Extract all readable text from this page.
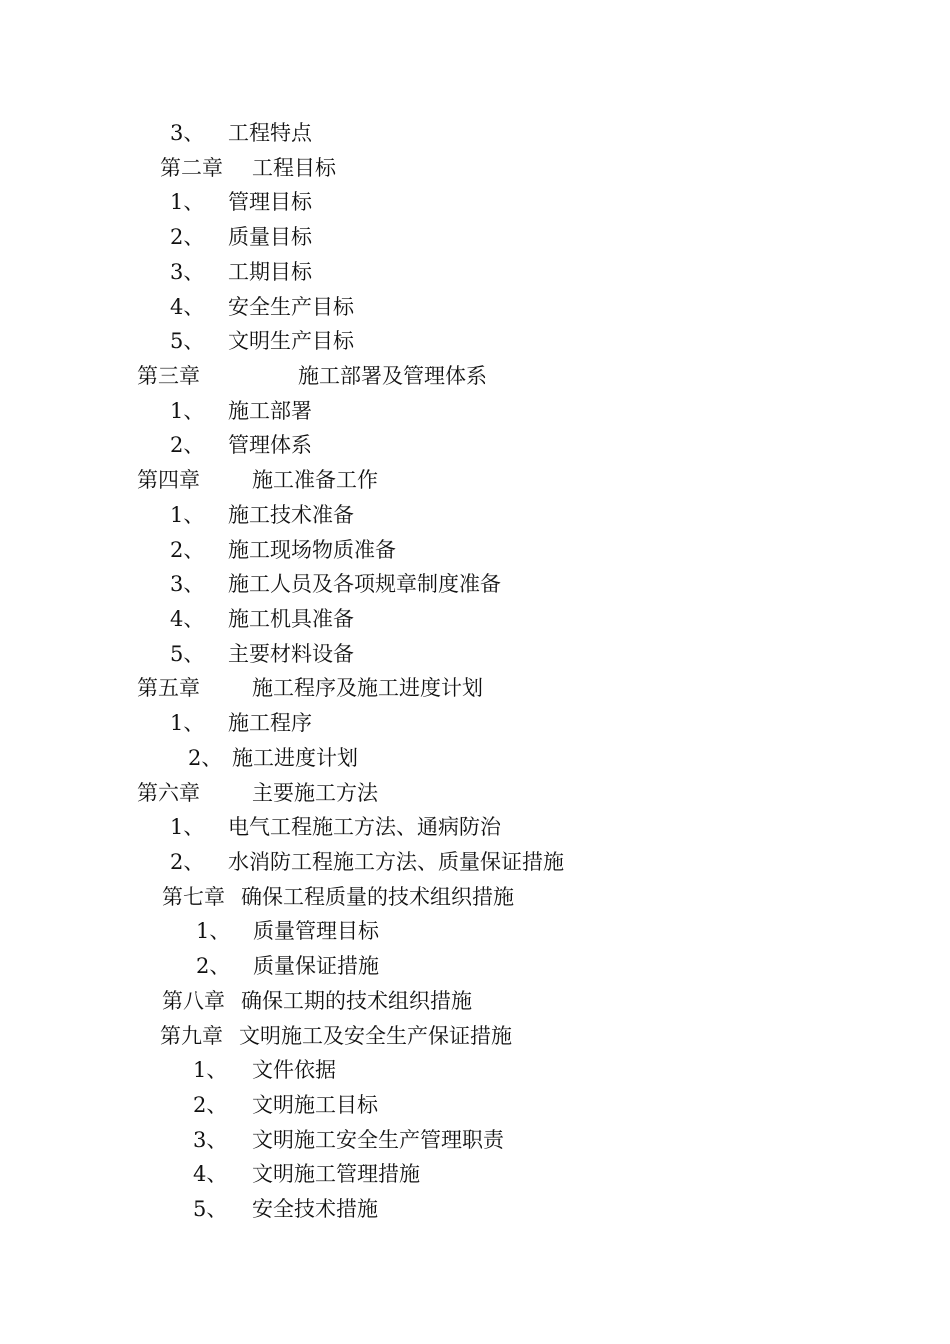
3、 工程特点
第二章 工程目标
1、 管理目标
2、 质量目标
3、 工期目标
4、 安全生产目标
5、 文明生产目标
第三章	施工部署及管理体系
1、 施工部署
2、 管理体系
第四章 施工准备工作
1、 施工技术准备
2、 施工现场物质准备
3、 施工人员及各项规章制度准备
4、 施工机具准备
5、 主要材料设备
第五章 施工程序及施工进度计划
1、 施工程序
2、 施工进度计划
第六章 主要施工方法
1、 电气工程施工方法、通病防治
2、 水消防工程施工方法、质量保证措施
第七章 确保工程质量的技术组织措施
1、 质量管理目标
2、 质量保证措施
第八章 确保工期的技术组织措施
第九章 文明施工及安全生产保证措施
1、 文件依据
2、 文明施工目标
3、 文明施工安全生产管理职责
4、 文明施工管理措施
5、 安全技术措施
